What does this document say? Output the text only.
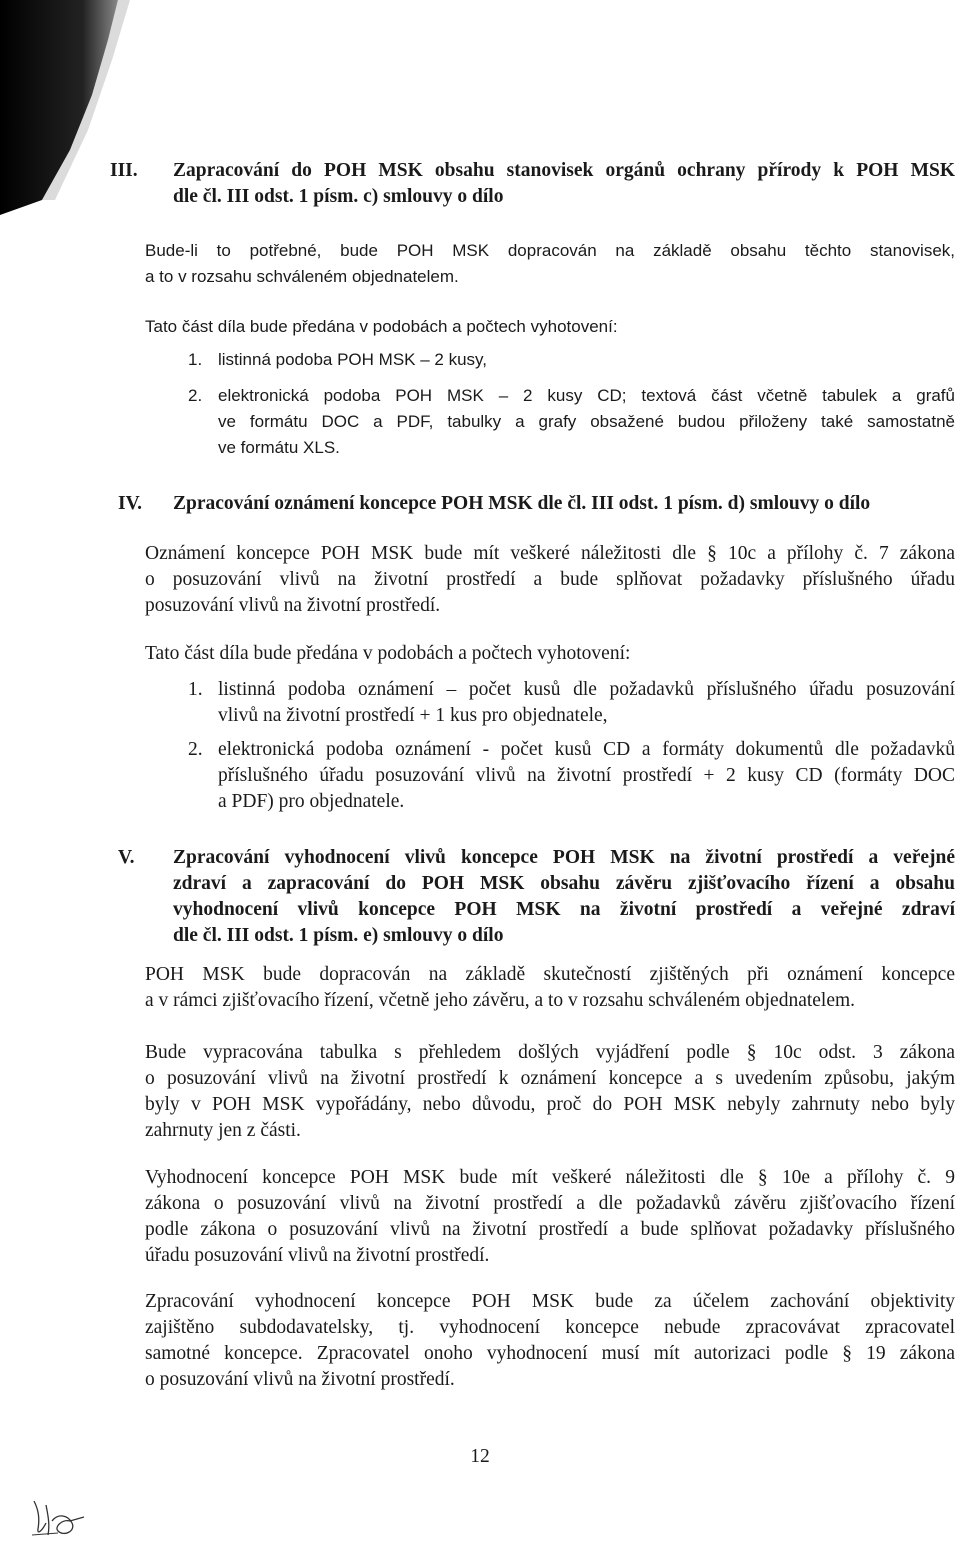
III. Zapracování do POH MSK obsahu stanovisek orgánů ochrany přírody k POH MSK
dle čl. III odst. 1 písm. c) smlouvy o dílo
Bude-li to potřebné, bude POH MSK dopracován na základě obsahu těchto stanovisek,
a to v rozsahu schváleném objednatelem.
Tato část díla bude předána v podobách a počtech vyhotovení:
1. listinná podoba POH MSK – 2 kusy,
2. elektronická podoba POH MSK – 2 kusy CD; textová část včetně tabulek a grafů
ve formátu DOC a PDF, tabulky a grafy obsažené budou přiloženy také samostatně
ve formátu XLS.
IV. Zpracování oznámení koncepce POH MSK dle čl. III odst. 1 písm. d) smlouvy o dílo
Oznámení koncepce POH MSK bude mít veškeré náležitosti dle § 10c a přílohy č. 7 zákona
o posuzování vlivů na životní prostředí a bude splňovat požadavky příslušného úřadu
posuzování vlivů na životní prostředí.
Tato část díla bude předána v podobách a počtech vyhotovení:
1. listinná podoba oznámení – počet kusů dle požadavků příslušného úřadu posuzování
vlivů na životní prostředí + 1 kus pro objednatele,
2. elektronická podoba oznámení - počet kusů CD a formáty dokumentů dle požadavků
příslušného úřadu posuzování vlivů na životní prostředí + 2 kusy CD (formáty DOC
a PDF) pro objednatele.
V. Zpracování vyhodnocení vlivů koncepce POH MSK na životní prostředí a veřejné
zdraví a zapracování do POH MSK obsahu závěru zjišťovacího řízení a obsahu
vyhodnocení vlivů koncepce POH MSK na životní prostředí a veřejné zdraví
dle čl. III odst. 1 písm. e) smlouvy o dílo
POH MSK bude dopracován na základě skutečností zjištěných při oznámení koncepce
a v rámci zjišťovacího řízení, včetně jeho závěru, a to v rozsahu schváleném objednatelem.
Bude vypracována tabulka s přehledem došlých vyjádření podle § 10c odst. 3 zákona
o posuzování vlivů na životní prostředí k oznámení koncepce a s uvedením způsobu, jakým
byly v POH MSK vypořádány, nebo důvodu, proč do POH MSK nebyly zahrnuty nebo byly
zahrnuty jen z části.
Vyhodnocení koncepce POH MSK bude mít veškeré náležitosti dle § 10e a přílohy č. 9
zákona o posuzování vlivů na životní prostředí a dle požadavků závěru zjišťovacího řízení
podle zákona o posuzování vlivů na životní prostředí a bude splňovat požadavky příslušného
úřadu posuzování vlivů na životní prostředí.
Zpracování vyhodnocení koncepce POH MSK bude za účelem zachování objektivity
zajištěno subdodavatelsky, tj. vyhodnocení koncepce nebude zpracovávat zpracovatel
samotné koncepce. Zpracovatel onoho vyhodnocení musí mít autorizaci podle § 19 zákona
o posuzování vlivů na životní prostředí.
12
